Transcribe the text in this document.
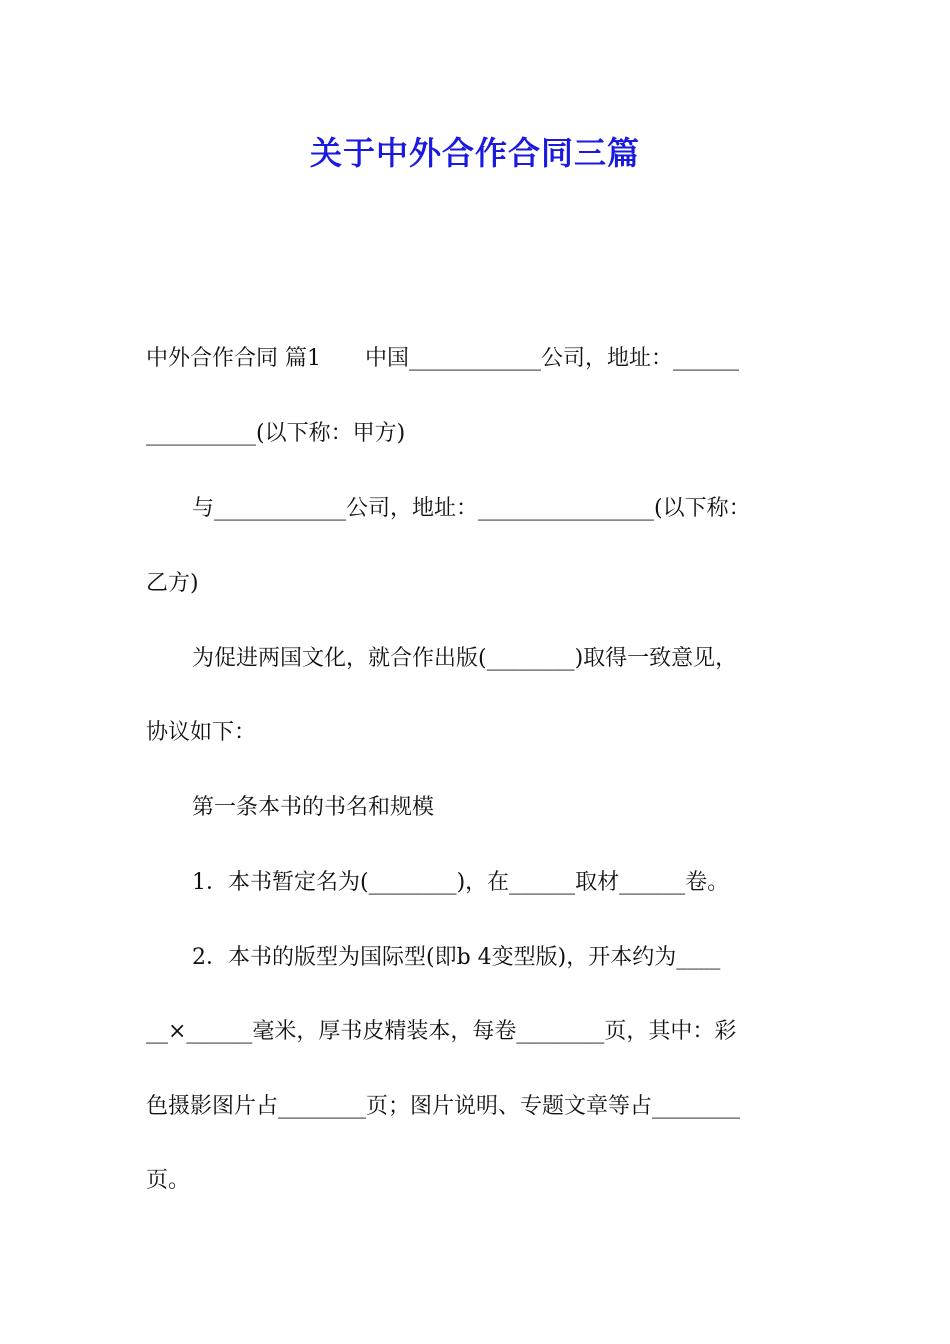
关于中外合作合同三篇
中外合作合同 篇1　　中国____________公司，地址：______
__________(以下称：甲方)
与____________公司，地址：________________(以下称：
乙方)
为促进两国文化，就合作出版(________)取得一致意见，
协议如下：
第一条本书的书名和规模
1．本书暂定名为(________)，在______取材______卷。
2．本书的版型为国际型(即b 4变型版)，开本约为____
__×______毫米，厚书皮精装本，每卷________页，其中：彩
色摄影图片占________页；图片说明、专题文章等占________
页。
